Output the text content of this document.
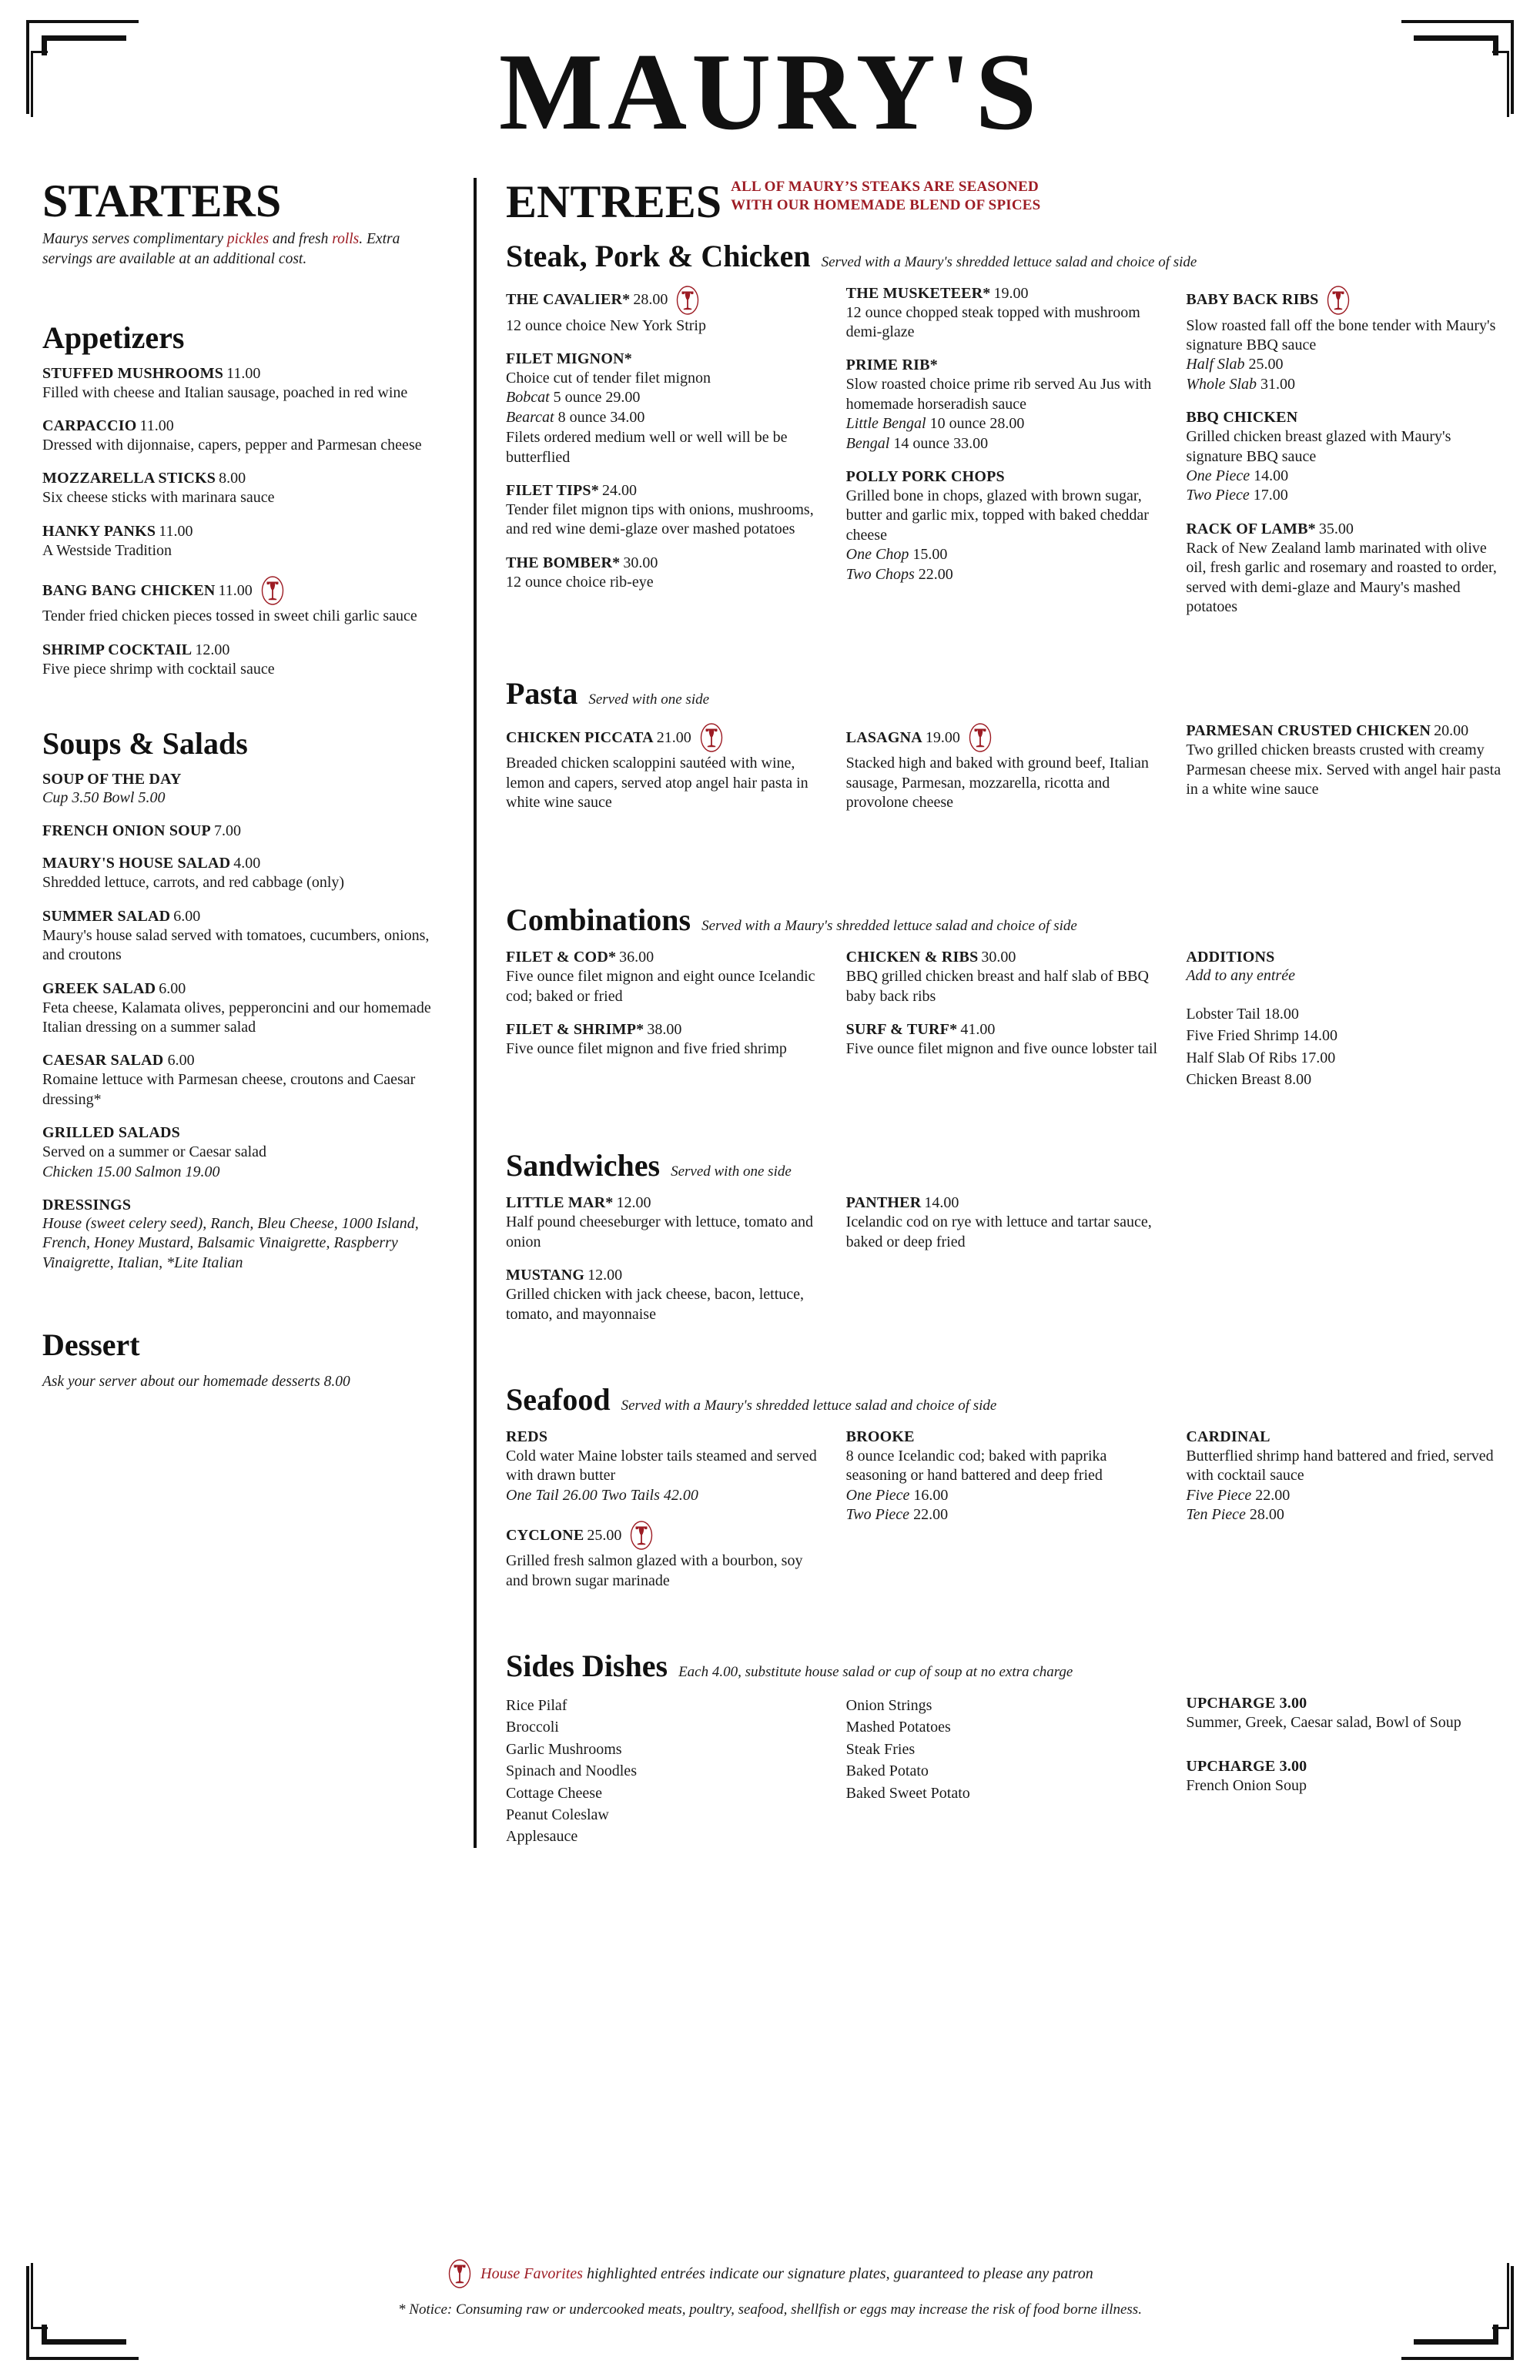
MAURY'S
STARTERS
Maurys serves complimentary pickles and fresh rolls. Extra servings are available at an additional cost.
Appetizers
STUFFED MUSHROOMS 11.00
Filled with cheese and Italian sausage, poached in red wine
CARPACCIO 11.00
Dressed with dijonnaise, capers, pepper and Parmesan cheese
MOZZARELLA STICKS 8.00
Six cheese sticks with marinara sauce
HANKY PANKS 11.00
A Westside Tradition
BANG BANG CHICKEN 11.00
Tender fried chicken pieces tossed in sweet chili garlic sauce
SHRIMP COCKTAIL 12.00
Five piece shrimp with cocktail sauce
Soups & Salads
SOUP OF THE DAY
Cup 3.50 Bowl 5.00
FRENCH ONION SOUP 7.00
MAURY'S HOUSE SALAD 4.00
Shredded lettuce, carrots, and red cabbage (only)
SUMMER SALAD 6.00
Maury's house salad served with tomatoes, cucumbers, onions, and croutons
GREEK SALAD 6.00
Feta cheese, Kalamata olives, pepperoncini and our homemade Italian dressing on a summer salad
CAESAR SALAD 6.00
Romaine lettuce with Parmesan cheese, croutons and Caesar dressing*
GRILLED SALADS
Served on a summer or Caesar salad
Chicken 15.00 Salmon 19.00
DRESSINGS
House (sweet celery seed), Ranch, Bleu Cheese, 1000 Island, French, Honey Mustard, Balsamic Vinaigrette, Raspberry Vinaigrette, Italian, *Lite Italian
Dessert
Ask your server about our homemade desserts 8.00
ENTREES ALL OF MAURY’S STEAKS ARE SEASONED
WITH OUR HOMEMADE BLEND OF SPICES
Steak, Pork & Chicken Served with a Maury's shredded lettuce salad and choice of side
THE CAVALIER* 28.00
12 ounce choice New York Strip
FILET MIGNON*
Choice cut of tender filet mignon
Bobcat 5 ounce 29.00
Bearcat 8 ounce 34.00
Filets ordered medium well or well will be be butterflied
FILET TIPS* 24.00
Tender filet mignon tips with onions, mushrooms, and red wine demi-glaze over mashed potatoes
THE BOMBER* 30.00
12 ounce choice rib-eye
THE MUSKETEER* 19.00
12 ounce chopped steak topped with mushroom demi-glaze
PRIME RIB*
Slow roasted choice prime rib served Au Jus with homemade horseradish sauce
Little Bengal 10 ounce 28.00
Bengal 14 ounce 33.00
POLLY PORK CHOPS
Grilled bone in chops, glazed with brown sugar, butter and garlic mix, topped with baked cheddar cheese
One Chop 15.00
Two Chops 22.00
BABY BACK RIBS
Slow roasted fall off the bone tender with Maury's signature BBQ sauce
Half Slab 25.00
Whole Slab 31.00
BBQ CHICKEN
Grilled chicken breast glazed with Maury's signature BBQ sauce
One Piece 14.00
Two Piece 17.00
RACK OF LAMB* 35.00
Rack of New Zealand lamb marinated with olive oil, fresh garlic and rosemary and roasted to order, served with demi-glaze and Maury's mashed potatoes
Pasta Served with one side
CHICKEN PICCATA 21.00
Breaded chicken scaloppini sautéed with wine, lemon and capers, served atop angel hair pasta in white wine sauce
LASAGNA 19.00
Stacked high and baked with ground beef, Italian sausage, Parmesan, mozzarella, ricotta and provolone cheese
PARMESAN CRUSTED CHICKEN 20.00
Two grilled chicken breasts crusted with creamy Parmesan cheese mix. Served with angel hair pasta in a white wine sauce
Combinations Served with a Maury's shredded lettuce salad and choice of side
FILET & COD* 36.00
Five ounce filet mignon and eight ounce Icelandic cod; baked or fried
FILET & SHRIMP* 38.00
Five ounce filet mignon and five fried shrimp
CHICKEN & RIBS 30.00
BBQ grilled chicken breast and half slab of BBQ baby back ribs
SURF & TURF* 41.00
Five ounce filet mignon and five ounce lobster tail
ADDITIONS
Add to any entrée
Lobster Tail 18.00
Five Fried Shrimp 14.00
Half Slab Of Ribs 17.00
Chicken Breast 8.00
Sandwiches Served with one side
LITTLE MAR* 12.00
Half pound cheeseburger with lettuce, tomato and onion
MUSTANG 12.00
Grilled chicken with jack cheese, bacon, lettuce, tomato, and mayonnaise
PANTHER 14.00
Icelandic cod on rye with lettuce and tartar sauce, baked or deep fried
Seafood Served with a Maury's shredded lettuce salad and choice of side
REDS
Cold water Maine lobster tails steamed and served with drawn butter
One Tail 26.00 Two Tails 42.00
CYCLONE 25.00
Grilled fresh salmon glazed with a bourbon, soy and brown sugar marinade
BROOKE
8 ounce Icelandic cod; baked with paprika seasoning or hand battered and deep fried
One Piece 16.00
Two Piece 22.00
CARDINAL
Butterflied shrimp hand battered and fried, served with cocktail sauce
Five Piece 22.00
Ten Piece 28.00
Sides Dishes Each 4.00, substitute house salad or cup of soup at no extra charge
Rice Pilaf
Broccoli
Garlic Mushrooms
Spinach and Noodles
Cottage Cheese
Peanut Coleslaw
Applesauce
Onion Strings
Mashed Potatoes
Steak Fries
Baked Potato
Baked Sweet Potato
UPCHARGE 3.00
Summer, Greek, Caesar salad, Bowl of Soup
UPCHARGE 3.00
French Onion Soup
House Favorites highlighted entrées indicate our signature plates, guaranteed to please any patron
* Notice: Consuming raw or undercooked meats, poultry, seafood, shellfish or eggs may increase the risk of food borne illness.
